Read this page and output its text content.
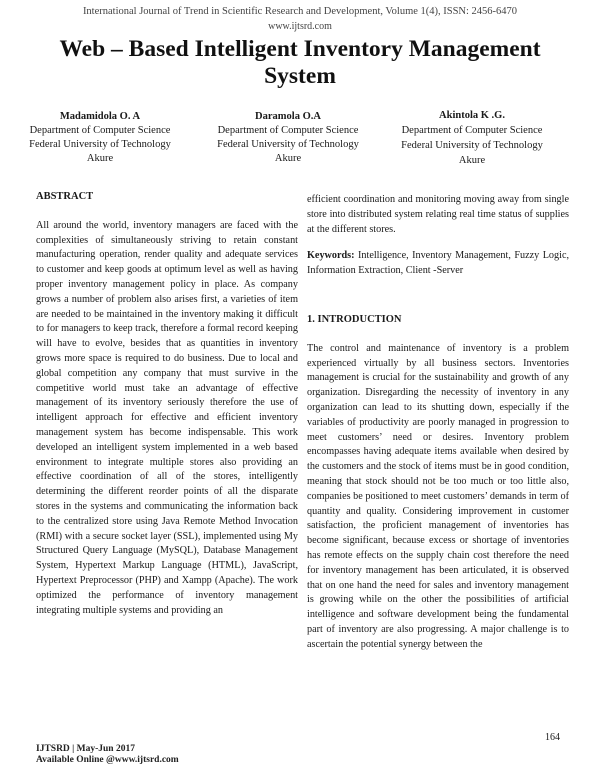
International Journal of Trend in Scientific Research and Development, Volume 1(4), ISSN: 2456-6470
www.ijtsrd.com
Web – Based Intelligent Inventory Management System
Madamidola O. A
Department of Computer Science
Federal University of Technology
Akure
Daramola O.A
Department of Computer Science
Federal University of Technology
Akure
Akintola K .G.
Department of Computer Science
Federal University of Technology
Akure

ABSTRACT

All around the world, inventory managers are faced with the complexities of simultaneously striving to retain constant manufacturing operation, render quality and adequate services to customer and keep goods at optimum level as well as having proper inventory management policy in place. As company grows a number of problem also arises first, a varieties of item are needed to be maintained in the inventory making it difficult to for managers to keep track, therefore a formal record keeping will have to evolve, besides that as quantities in inventory grows more space is required to do business. Due to local and global competition any company that must survive in the competitive world must take an advantage of effective management of its inventory seriously therefore the use of intelligent approach for effective and efficient inventory management system has become indispensable. This work developed an intelligent system implemented in a web based environment to integrate multiple stores also providing an effective coordination of all of the stores, intelligently determining the different reorder points of all the disparate stores in the systems and communicating the information back to the centralized store using Java Remote Method Invocation (RMI) with a secure socket layer (SSL), implemented using My Structured Query Language (MySQL), Database Management System, Hypertext Markup Language (HTML), JavaScript, Hypertext Preprocessor (PHP) and Xampp (Apache). The work optimized the performance of inventory management integrating multiple systems and providing an

efficient coordination and monitoring moving away from single store into distributed system relating real time status of supplies at the different stores.

Keywords: Intelligence, Inventory Management, Fuzzy Logic, Information Extraction, Client -Server

1. INTRODUCTION

The control and maintenance of inventory is a problem experienced virtually by all business sectors. Inventories management is crucial for the sustainability and growth of any organization. Disregarding the necessity of inventory in any organization can lead to its shutting down, especially if the variables of productivity are poorly managed in progression to meet customers’ need or desires. Inventory problem encompasses having adequate items available when desired by the customers and the stock of items must be in good condition, meaning that stock should not be too much or too little also, companies be positioned to meet customers’ demands in term of quantity and quality. Considering improvement in customer satisfaction, the proficient management of inventories has become significant, because excess or shortage of inventories has remote effects on the supply chain cost therefore the need for inventory management has been articulated, it is observed that on one hand the need for sales and inventory management is growing while on the other the possibilities of artificial intelligence and software development being the fundamental part of inventory are also progressing. A major challenge is to ascertain the potential synergy between the

164
IJTSRD | May-Jun 2017
Available Online @www.ijtsrd.com
